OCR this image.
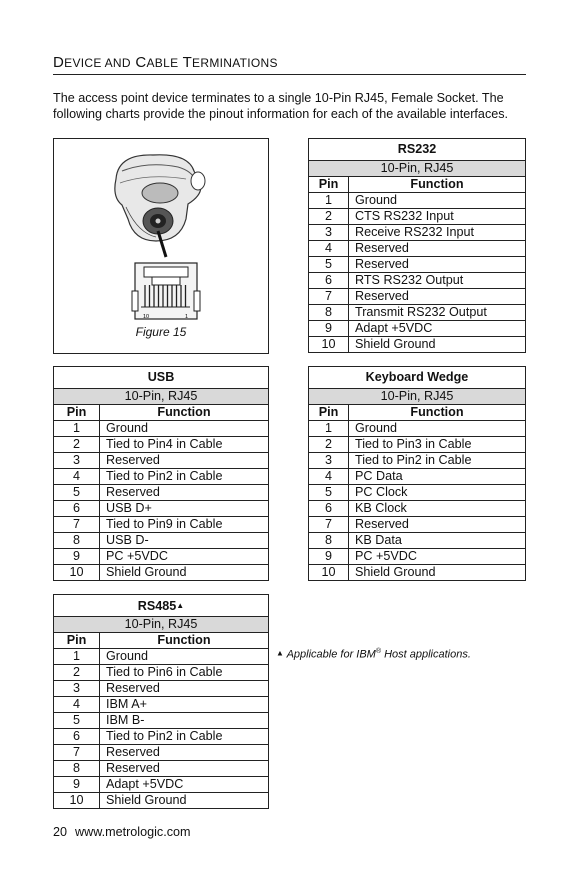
DEVICE AND CABLE TERMINATIONS
The access point device terminates to a single 10-Pin RJ45, Female Socket. The following charts provide the pinout information for each of the available interfaces.
10	1
Figure 15
RS232	
10-Pin, RJ45	
Pin	Function
1	Ground
2	CTS RS232 Input
3	Receive RS232 Input
4	Reserved
5	Reserved
6	RTS RS232 Output
7	Reserved
8	Transmit RS232 Output
9	Adapt +5VDC
10	Shield Ground
USB	
10-Pin, RJ45	
Pin	Function
1	Ground
2	Tied to Pin4 in Cable
3	Reserved
4	Tied to Pin2 in Cable
5	Reserved
6	USB D+
7	Tied to Pin9 in Cable
8	USB D-
9	PC +5VDC
10	Shield Ground
Keyboard Wedge	
10-Pin, RJ45	
Pin	Function
1	Ground
2	Tied to Pin3 in Cable
3	Tied to Pin2 in Cable
4	PC Data
5	PC Clock
6	KB Clock
7	Reserved
8	KB Data
9	PC +5VDC
10	Shield Ground
RS485▲	
10-Pin, RJ45	
Pin	Function
1	Ground
2	Tied to Pin6 in Cable
3	Reserved
4	IBM A+
5	IBM B-
6	Tied to Pin2 in Cable
7	Reserved
8	Reserved
9	Adapt +5VDC
10	Shield Ground
▲ Applicable for IBM® Host applications.
20 www.metrologic.com
